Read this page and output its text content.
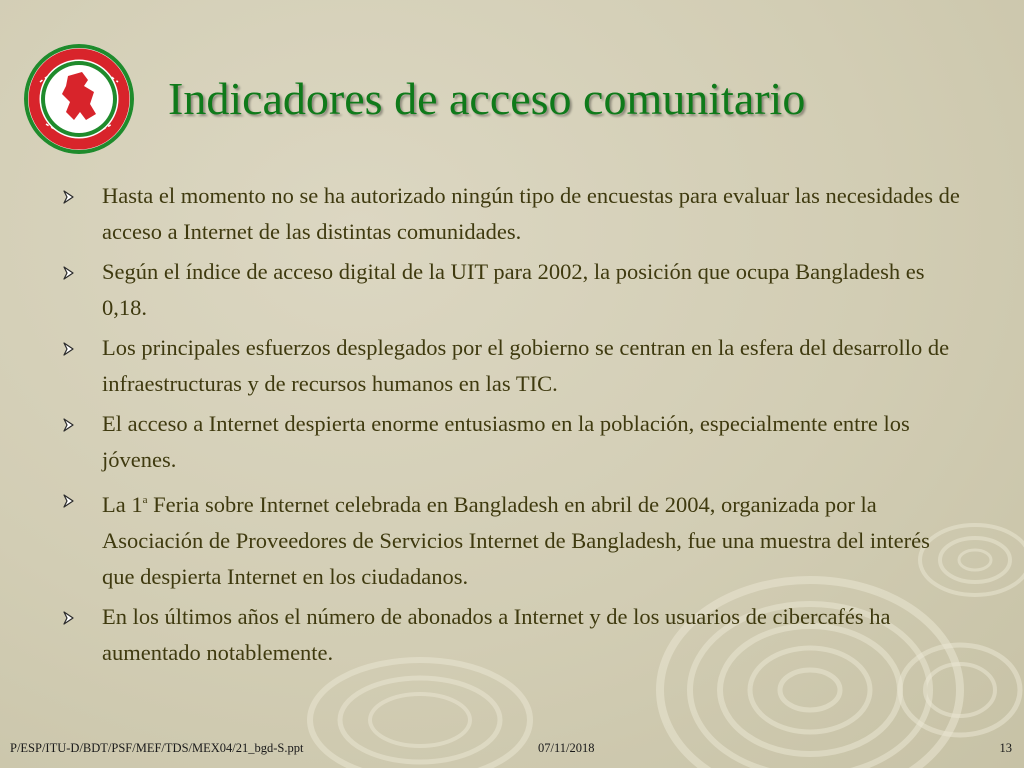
Indicadores de acceso comunitario
Hasta el momento no se ha autorizado ningún tipo de encuestas para evaluar las necesidades de acceso a Internet de las distintas comunidades.
Según el índice de acceso digital de la UIT para 2002, la posición que ocupa Bangladesh es 0,18.
Los principales esfuerzos desplegados por el gobierno se centran en la esfera del desarrollo de infraestructuras y de recursos humanos en las TIC.
El acceso a Internet despierta enorme entusiasmo en la población, especialmente entre los jóvenes.
La 1$^a$ Feria sobre Internet celebrada en Bangladesh en abril de 2004, organizada por la Asociación de Proveedores de Servicios Internet de Bangladesh, fue una muestra del interés que despierta Internet en los ciudadanos.
En los últimos años el número de abonados a Internet y de los usuarios de cibercafés ha aumentado notablemente.
P/ESP/ITU-D/BDT/PSF/MEF/TDS/MEX04/21_bgd-S.ppt	07/11/2018	13
